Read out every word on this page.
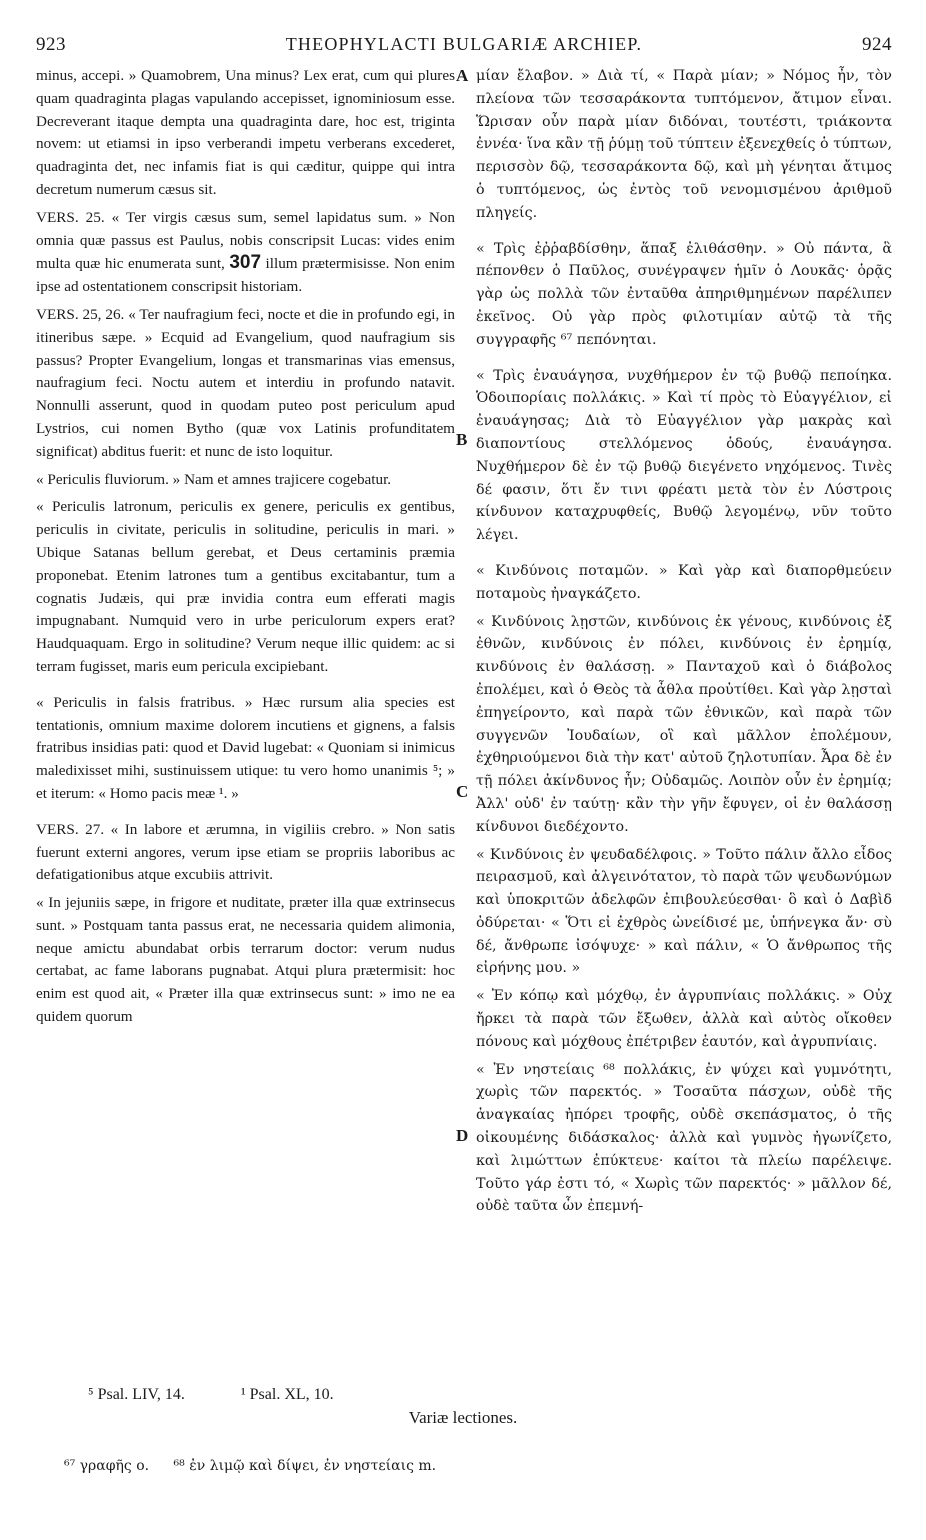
923	THEOPHYLACTI BULGARIÆ ARCHIEP.	924

minus, accepi. » Quamobrem, Una minus? Lex erat, cum qui plures quam quadraginta plagas vapulando accepisset, ignominiosum esse. Decreverant itaque dempta una quadraginta dare, hoc est, triginta novem: ut etiamsi in ipso verberandi impetu verberans excederet, quadraginta det, nec infamis fiat is qui cæditur, quippe qui intra decretum numerum cæsus sit.

VERS. 25. « Ter virgis cæsus sum, semel lapidatus sum. » Non omnia quæ passus est Paulus, nobis conscripsit Lucas: vides enim multa quæ hic enumerata sunt, 307 illum prætermisisse. Non enim ipse ad ostentationem conscripsit historiam.

VERS. 25, 26. « Ter naufragium feci, nocte et die in profundo egi, in itineribus sæpe. » Ecquid ad Evangelium, quod naufragium sis passus? Propter Evangelium, longas et transmarinas vias emensus, naufragium feci. Noctu autem et interdiu in profundo natavit. Nonnulli asserunt, quod in quodam puteo post periculum apud Lystrios, cui nomen Bytho (quæ vox Latinis profunditatem significat) abditus fuerit: et nunc de isto loquitur.

« Periculis fluviorum. » Nam et amnes trajicere cogebatur.

« Periculis latronum, periculis ex genere, periculis ex gentibus, periculis in civitate, periculis in solitudine, periculis in mari. » Ubique Satanas bellum gerebat, et Deus certaminis præmia proponebat. Etenim latrones tum a gentibus excitabantur, tum a cognatis Judæis, qui præ invidia contra eum efferati magis impugnabant. Numquid vero in urbe periculorum expers erat? Haudquaquam. Ergo in solitudine? Verum neque illic quidem: ac si terram fugisset, maris eum pericula excipiebant.

« Periculis in falsis fratribus. » Hæc rursum alia species est tentationis, omnium maxime dolorem incutiens et gignens, a falsis fratribus insidias pati: quod et David lugebat: « Quoniam si inimicus maledixisset mihi, sustinuissem utique: tu vero homo unanimis ⁵; » et iterum: « Homo pacis meæ ¹. »

VERS. 27. « In labore et ærumna, in vigiliis crebro. » Non satis fuerunt externi angores, verum ipse etiam se propriis laboribus ac defatigationibus atque excubiis attrivit.

« In jejuniis sæpe, in frigore et nuditate, præter illa quæ extrinsecus sunt. » Postquam tanta passus erat, ne necessaria quidem alimonia, neque amictu abundabat orbis terrarum doctor: verum nudus certabat, ac fame laborans pugnabat. Atqui plura prætermisit: hoc enim est quod ait, « Præter illa quæ extrinsecus sunt: » imo ne ea quidem quorum

A
B
C
D

μίαν ἔλαβον. » Διὰ τί, « Παρὰ μίαν; » Νόμος ἦν, τὸν πλείονα τῶν τεσσαράκοντα τυπτόμενον, ἄτιμον εἶναι. Ὥρισαν οὖν παρὰ μίαν διδόναι, τουτέστι, τριάκοντα ἐννέα· ἵνα κἂν τῇ ῥύμῃ τοῦ τύπτειν ἐξενεχθείς ὁ τύπτων, περισσὸν δῷ, τεσσαράκοντα δῷ, καὶ μὴ γένηται ἄτιμος ὁ τυπτόμενος, ὡς ἐντὸς τοῦ νενομισμένου ἀριθμοῦ πληγείς.

« Τρὶς ἐῤῥαβδίσθην, ἅπαξ ἐλιθάσθην. » Οὐ πάντα, ἃ πέπονθεν ὁ Παῦλος, συνέγραψεν ἡμῖν ὁ Λουκᾶς· ὁρᾷς γὰρ ὡς πολλὰ τῶν ἐνταῦθα ἀπηριθμημένων παρέλιπεν ἐκεῖνος. Οὐ γὰρ πρὸς φιλοτιμίαν αὐτῷ τὰ τῆς συγγραφῆς ⁶⁷ πεπόνηται.

« Τρὶς ἐναυάγησα, νυχθήμερον ἐν τῷ βυθῷ πεποίηκα. Ὁδοιπορίαις πολλάκις. » Καὶ τί πρὸς τὸ Εὐαγγέλιον, εἰ ἐναυάγησας; Διὰ τὸ Εὐαγγέλιον γὰρ μακρὰς καὶ διαποντίους στελλόμενος ὁδούς, ἐναυάγησα. Νυχθήμερον δὲ ἐν τῷ βυθῷ διεγένετο νηχόμενος. Τινὲς δέ φασιν, ὅτι ἔν τινι φρέατι μετὰ τὸν ἐν Λύστροις κίνδυνον καταχρυφθείς, Βυθῷ λεγομένῳ, νῦν τοῦτο λέγει.

« Κινδύνοις ποταμῶν. » Καὶ γὰρ καὶ διαπορθμεύειν ποταμοὺς ἠναγκάζετο.

« Κινδύνοις λῃστῶν, κινδύνοις ἐκ γένους, κινδύνοις ἐξ ἐθνῶν, κινδύνοις ἐν πόλει, κινδύνοις ἐν ἐρημίᾳ, κινδύνοις ἐν θαλάσσῃ. » Πανταχοῦ καὶ ὁ διάβολος ἐπολέμει, καὶ ὁ Θεὸς τὰ ἆθλα προὐτίθει. Καὶ γὰρ λῃσταὶ ἐπηγείροντο, καὶ παρὰ τῶν ἐθνικῶν, καὶ παρὰ τῶν συγγενῶν Ἰουδαίων, οἳ καὶ μᾶλλον ἐπολέμουν, ἐχθηριούμενοι διὰ τὴν κατ' αὐτοῦ ζηλοτυπίαν. Ἆρα δὲ ἐν τῇ πόλει ἀκίνδυνος ἦν; Οὐδαμῶς. Λοιπὸν οὖν ἐν ἐρημίᾳ; Ἀλλ' οὐδ' ἐν ταύτῃ· κἂν τὴν γῆν ἔφυγεν, οἱ ἐν θαλάσσῃ κίνδυνοι διεδέχοντο.

« Κινδύνοις ἐν ψευδαδέλφοις. » Τοῦτο πάλιν ἄλλο εἶδος πειρασμοῦ, καὶ ἀλγεινότατον, τὸ παρὰ τῶν ψευδωνύμων καὶ ὑποκριτῶν ἀδελφῶν ἐπιβουλεύεσθαι· ὃ καὶ ὁ Δαβὶδ ὀδύρεται· « Ὅτι εἰ ἐχθρὸς ὠνείδισέ με, ὑπήνεγκα ἄν· σὺ δέ, ἄνθρωπε ἰσόψυχε· » καὶ πάλιν, « Ὁ ἄνθρωπος τῆς εἰρήνης μου. »

« Ἐν κόπῳ καὶ μόχθῳ, ἐν ἀγρυπνίαις πολλάκις. » Οὐχ ἤρκει τὰ παρὰ τῶν ἔξωθεν, ἀλλὰ καὶ αὐτὸς οἴκοθεν πόνους καὶ μόχθους ἐπέτριβεν ἑαυτόν, καὶ ἀγρυπνίαις.

« Ἐν νηστείαις ⁶⁸ πολλάκις, ἐν ψύχει καὶ γυμνότητι, χωρὶς τῶν παρεκτός. » Τοσαῦτα πάσχων, οὐδὲ τῆς ἀναγκαίας ἠπόρει τροφῆς, οὐδὲ σκεπάσματος, ὁ τῆς οἰκουμένης διδάσκαλος· ἀλλὰ καὶ γυμνὸς ἠγωνίζετο, καὶ λιμώττων ἐπύκτευε· καίτοι τὰ πλείω παρέλειψε. Τοῦτο γάρ ἐστι τό, « Χωρὶς τῶν παρεκτός· » μᾶλλον δέ, οὐδὲ ταῦτα ὧν ἐπεμνή-

⁵ Psal. LIV, 14.	¹ Psal. XL, 10.
Variæ lectiones.
⁶⁷ γραφῆς ο. ⁶⁸ ἐν λιμῷ καὶ δίψει, ἐν νηστείαις m.
